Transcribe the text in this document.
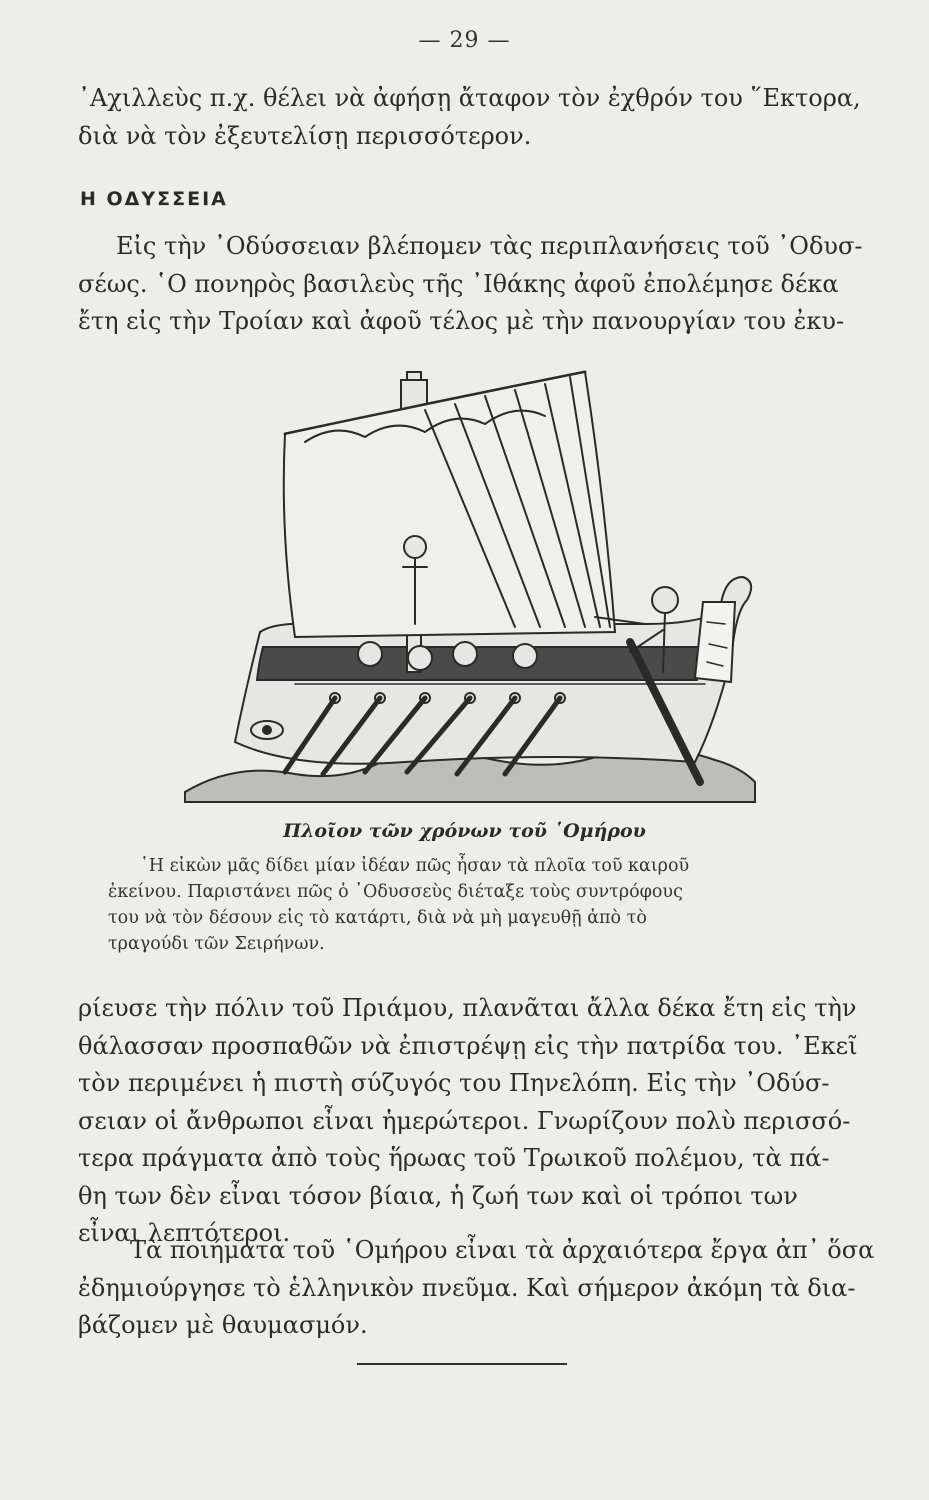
— 29 —
᾿Αχιλλεὺς π.χ. θέλει νὰ ἀφήσῃ ἄταφον τὸν ἐχθρόν του ῞Εκτορα,
διὰ νὰ τὸν ἐξευτελίσῃ περισσότερον.
Η ΟΔΥΣΣΕΙΑ
Εἰς τὴν ᾿Οδύσσειαν βλέπομεν τὰς περιπλανήσεις τοῦ ᾿Οδυσ-
σέως. ῾Ο πονηρὸς βασιλεὺς τῆς ᾿Ιθάκης ἀφοῦ ἐπολέμησε δέκα
ἔτη εἰς τὴν Τροίαν καὶ ἀφοῦ τέλος μὲ τὴν πανουργίαν του ἐκυ-
Πλοῖον τῶν χρόνων τοῦ ῾Ομήρου
῾Η εἰκὼν μᾶς δίδει μίαν ἰδέαν πῶς ἦσαν τὰ πλοῖα τοῦ καιροῦ
ἐκείνου. Παριστάνει πῶς ὁ ᾿Οδυσσεὺς διέταξε τοὺς συντρόφους
του νὰ τὸν δέσουν εἰς τὸ κατάρτι, διὰ νὰ μὴ μαγευθῇ ἀπὸ τὸ
τραγούδι τῶν Σειρήνων.
ρίευσε τὴν πόλιν τοῦ Πριάμου, πλανᾶται ἄλλα δέκα ἔτη εἰς τὴν
θάλασσαν προσπαθῶν νὰ ἐπιστρέψῃ εἰς τὴν πατρίδα του. ᾿Εκεῖ
τὸν περιμένει ἡ πιστὴ σύζυγός του Πηνελόπη. Εἰς τὴν ᾿Οδύσ-
σειαν οἱ ἄνθρωποι εἶναι ἡμερώτεροι. Γνωρίζουν πολὺ περισσό-
τερα πράγματα ἀπὸ τοὺς ἥρωας τοῦ Τρωικοῦ πολέμου, τὰ πά-
θη των δὲν εἶναι τόσον βίαια, ἡ ζωή των καὶ οἱ τρόποι των
εἶναι λεπτότεροι.
Τὰ ποιήματα τοῦ ῾Ομήρου εἶναι τὰ ἀρχαιότερα ἔργα ἀπ᾿ ὅσα
ἐδημιούργησε τὸ ἑλληνικὸν πνεῦμα. Καὶ σήμερον ἀκόμη τὰ δια-
βάζομεν μὲ θαυμασμόν.
